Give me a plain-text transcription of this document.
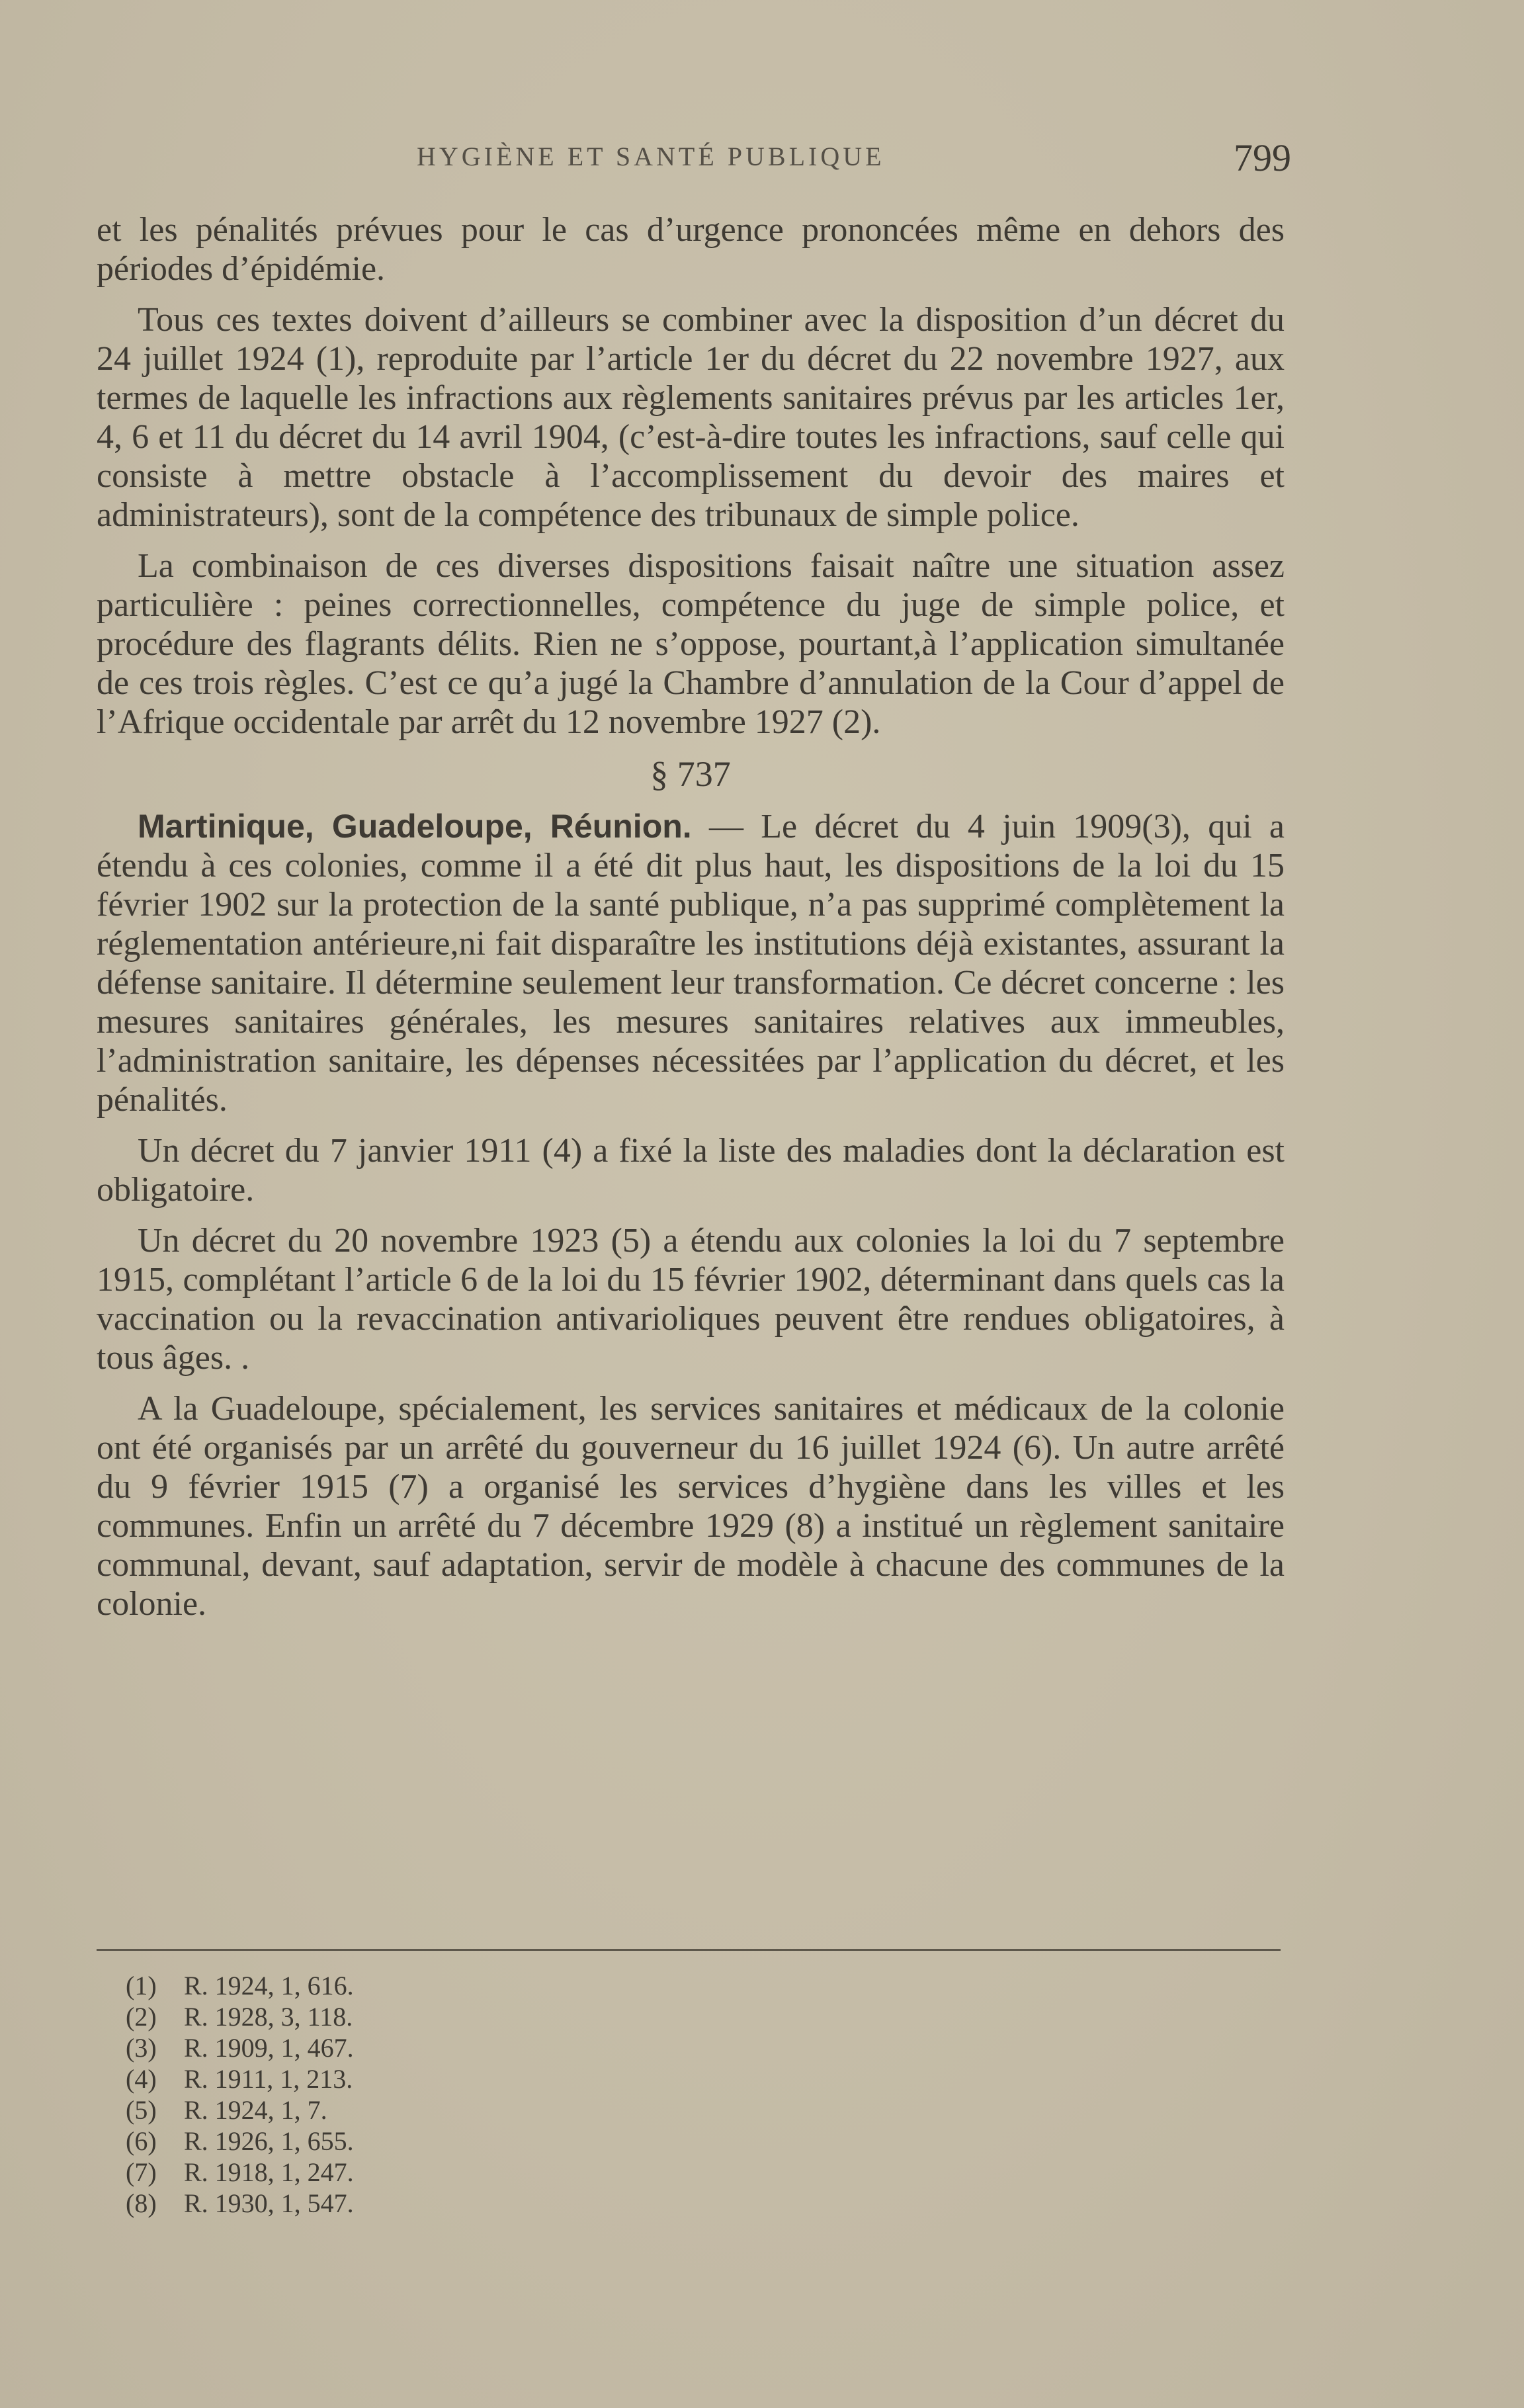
HYGIÈNE ET SANTÉ PUBLIQUE	799

et les pénalités prévues pour le cas d’urgence prononcées même en dehors des périodes d’épidémie.

Tous ces textes doivent d’ailleurs se combiner avec la disposition d’un décret du 24 juillet 1924 (1), reproduite par l’article 1er du décret du 22 novembre 1927, aux termes de laquelle les infractions aux règlements sanitaires prévus par les articles 1er, 4, 6 et 11 du décret du 14 avril 1904, (c’est-à-dire toutes les infractions, sauf celle qui consiste à mettre obstacle à l’accomplissement du devoir des maires et administrateurs), sont de la compétence des tribunaux de simple police.

La combinaison de ces diverses dispositions faisait naître une situation assez particulière : peines correctionnelles, compétence du juge de simple police, et procédure des flagrants délits. Rien ne s’oppose, pourtant,à l’application simultanée de ces trois règles. C’est ce qu’a jugé la Chambre d’annulation de la Cour d’appel de l’Afrique occidentale par arrêt du 12 novembre 1927 (2).

§ 737

Martinique, Guadeloupe, Réunion. — Le décret du 4 juin 1909(3), qui a étendu à ces colonies, comme il a été dit plus haut, les dispositions de la loi du 15 février 1902 sur la protection de la santé publique, n’a pas supprimé complètement la réglementation antérieure,ni fait disparaître les institutions déjà existantes, assurant la défense sanitaire. Il détermine seulement leur transformation. Ce décret concerne : les mesures sanitaires générales, les mesures sanitaires relatives aux immeubles, l’administration sanitaire, les dépenses nécessitées par l’application du décret, et les pénalités.

Un décret du 7 janvier 1911 (4) a fixé la liste des maladies dont la déclaration est obligatoire.

Un décret du 20 novembre 1923 (5) a étendu aux colonies la loi du 7 septembre 1915, complétant l’article 6 de la loi du 15 février 1902, déterminant dans quels cas la vaccination ou la revaccination antivarioliques peuvent être rendues obligatoires, à tous âges. .

A la Guadeloupe, spécialement, les services sanitaires et médicaux de la colonie ont été organisés par un arrêté du gouverneur du 16 juillet 1924 (6). Un autre arrêté du 9 février 1915 (7) a organisé les services d’hygiène dans les villes et les communes. Enfin un arrêté du 7 décembre 1929 (8) a institué un règlement sanitaire communal, devant, sauf adaptation, servir de modèle à chacune des communes de la colonie.

(1) R. 1924, 1, 616.
(2) R. 1928, 3, 118.
(3) R. 1909, 1, 467.
(4) R. 1911, 1, 213.
(5) R. 1924, 1, 7.
(6) R. 1926, 1, 655.
(7) R. 1918, 1, 247.
(8) R. 1930, 1, 547.
